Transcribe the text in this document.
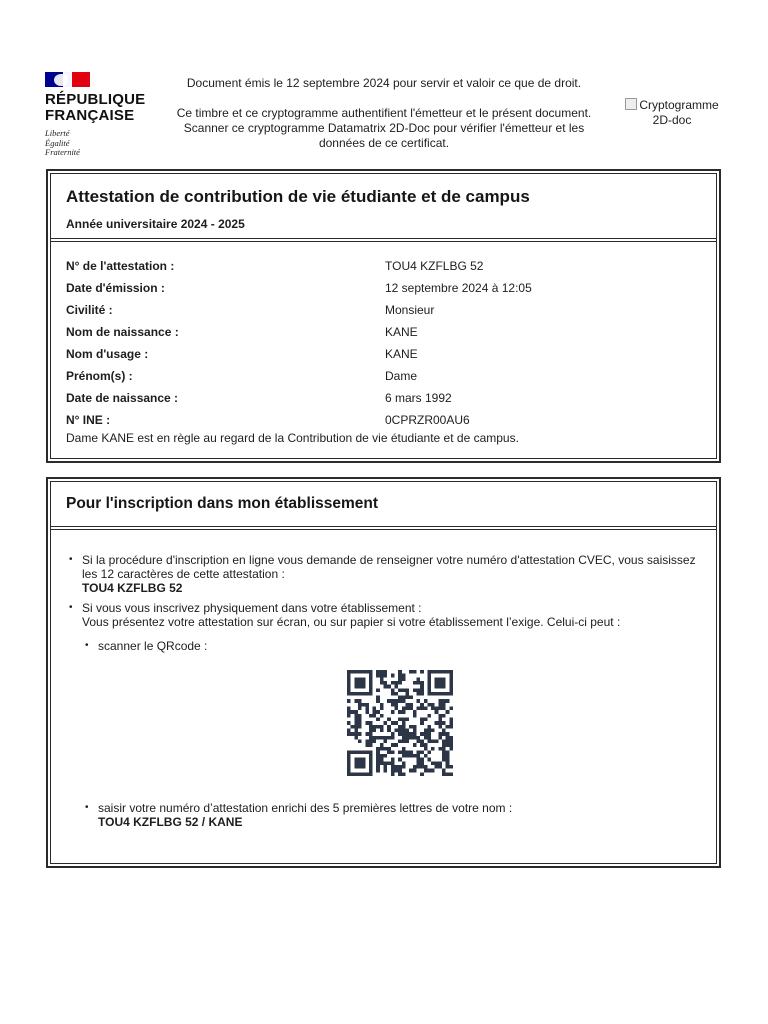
RÉPUBLIQUE
FRANÇAISE
Liberté
Égalité
Fraternité

Document émis le 12 septembre 2024 pour servir et valoir ce que de droit.

Ce timbre et ce cryptogramme authentifient l'émetteur et le présent document. Scanner ce cryptogramme Datamatrix 2D-Doc pour vérifier l'émetteur et les données de ce certificat.

Cryptogramme 2D-doc
Attestation de contribution de vie étudiante et de campus
Année universitaire 2024 - 2025
N° de l'attestation :	TOU4 KZFLBG 52
Date d'émission :	12 septembre 2024 à 12:05
Civilité :	Monsieur
Nom de naissance :	KANE
Nom d'usage :	KANE
Prénom(s) :	Dame
Date de naissance :	6 mars 1992
N° INE :	0CPRZR00AU6
Dame KANE est en règle au regard de la Contribution de vie étudiante et de campus.
Pour l'inscription dans mon établissement
• Si la procédure d'inscription en ligne vous demande de renseigner votre numéro d'attestation CVEC, vous saisissez les 12 caractères de cette attestation :
TOU4 KZFLBG 52
• Si vous vous inscrivez physiquement dans votre établissement :
Vous présentez votre attestation sur écran, ou sur papier si votre établissement l’exige. Celui-ci peut :
• scanner le QRcode :
• saisir votre numéro d’attestation enrichi des 5 premières lettres de votre nom :
TOU4 KZFLBG 52 / KANE
